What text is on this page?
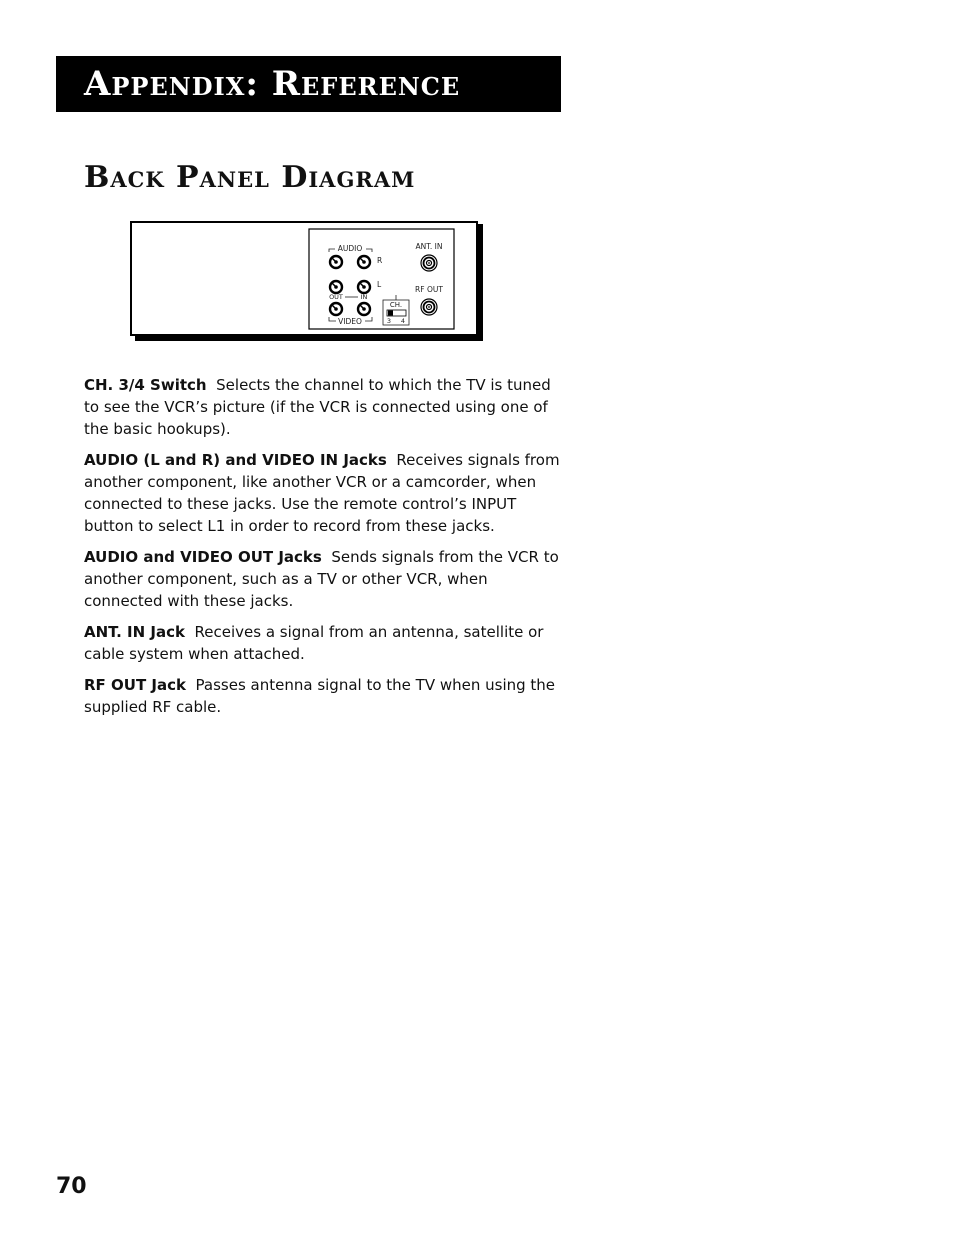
Appendix: Reference
Back Panel Diagram
AUDIO
VIDEO
R
L
OUT	IN
CH.
3 4
ANT. IN
RF OUT

CH. 3/4 Switch Selects the channel to which the TV is tuned to see the VCR’s picture (if the VCR is connected using one of the basic hookups).

AUDIO (L and R) and VIDEO IN Jacks Receives signals from another component, like another VCR or a camcorder, when connected to these jacks. Use the remote control’s INPUT button to select L1 in order to record from these jacks.

AUDIO and VIDEO OUT Jacks Sends signals from the VCR to another component, such as a TV or other VCR, when connected with these jacks.

ANT. IN Jack Receives a signal from an antenna, satellite or cable system when attached.

RF OUT Jack Passes antenna signal to the TV when using the supplied RF cable.

70
